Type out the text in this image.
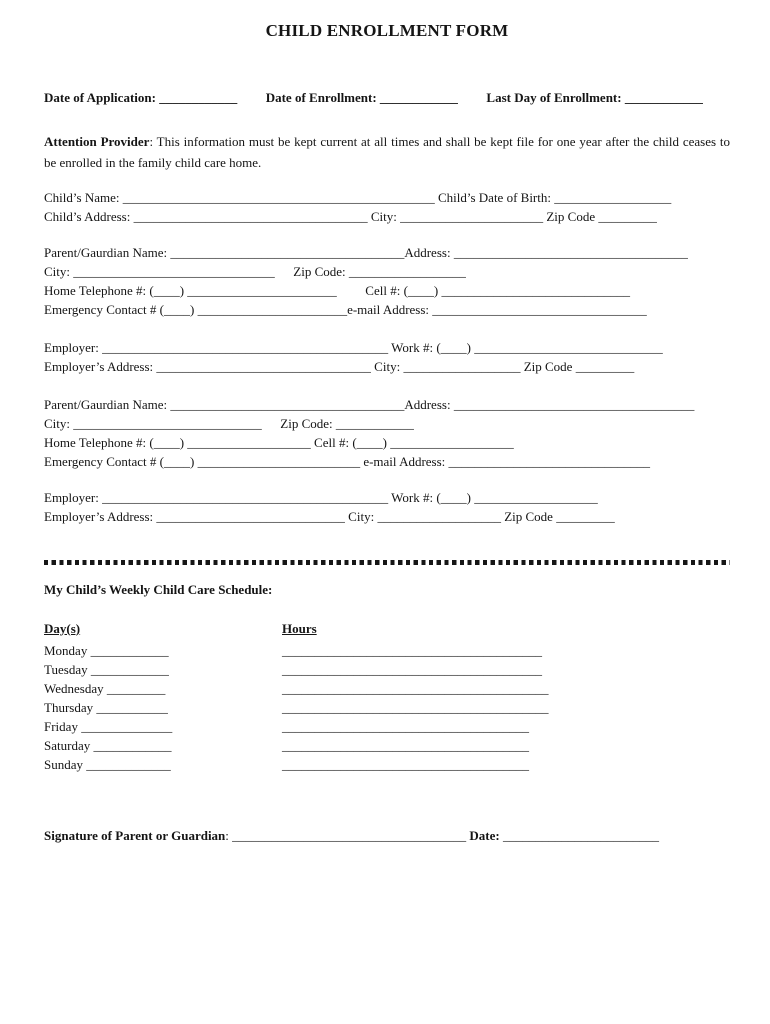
CHILD ENROLLMENT FORM
Date of Application: ____________ Date of Enrollment: ____________ Last Day of Enrollment: ____________
Attention Provider: This information must be kept current at all times and shall be kept file for one year after the child ceases to be enrolled in the family child care home.
Child’s Name: ________________________________________________ Child’s Date of Birth: __________________
Child’s Address: ____________________________________ City: ______________________ Zip Code _________
Parent/Gaurdian Name: ____________________________________Address: ____________________________________
City: _______________________________ Zip Code: __________________
Home Telephone #: (____) _______________________ Cell #: (____) _____________________________
Emergency Contact # (____) _______________________e-mail Address: _________________________________
Employer: ____________________________________________ Work #: (____) _____________________________
Employer’s Address: _________________________________ City: __________________ Zip Code _________
Parent/Gaurdian Name: ____________________________________Address: _____________________________________
City: _____________________________ Zip Code: ____________
Home Telephone #: (____) ___________________ Cell #: (____) ___________________
Emergency Contact # (____) _________________________ e-mail Address: _______________________________
Employer: ____________________________________________ Work #: (____) ___________________
Employer’s Address: _____________________________ City: ___________________ Zip Code _________
My Child’s Weekly Child Care Schedule:
Day(s)	Hours
Monday ____________	________________________________________
Tuesday ____________	________________________________________
Wednesday _________	_________________________________________
Thursday ___________	_________________________________________
Friday ______________	______________________________________
Saturday ____________	______________________________________
Sunday _____________	______________________________________
Signature of Parent or Guardian: ____________________________________ Date: ________________________
